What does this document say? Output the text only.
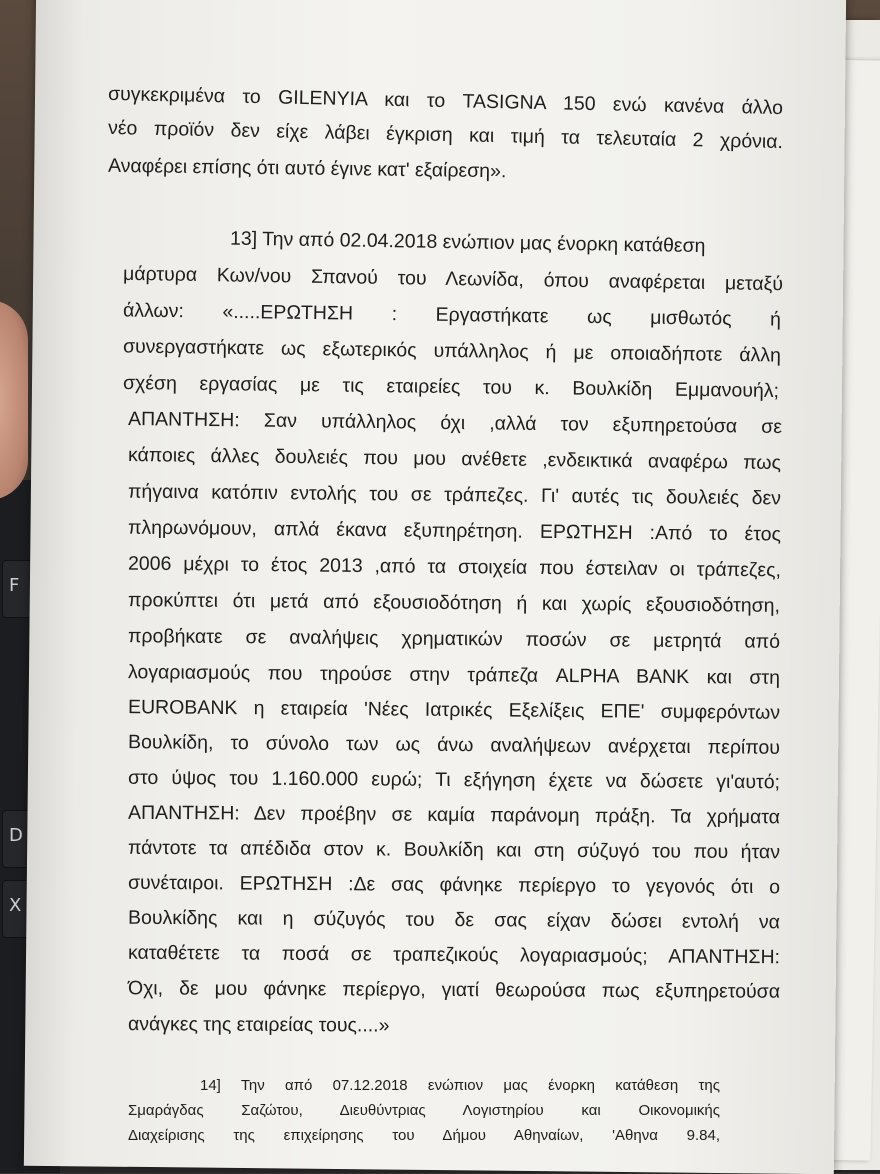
F
D
X
συγκεκριμένα το GILENYIA και το TASIGNA 150 ενώ κανένα άλλο
νέο προϊόν δεν είχε λάβει έγκριση και τιμή τα τελευταία 2 χρόνια.
Αναφέρει επίσης ότι αυτό έγινε κατ' εξαίρεση».
13] Την από 02.04.2018 ενώπιον μας ένορκη κατάθεση
μάρτυρα Κων/νου Σπανού του Λεωνίδα, όπου αναφέρεται μεταξύ
άλλων: «.....ΕΡΩΤΗΣΗ : Εργαστήκατε ως μισθωτός ή
συνεργαστήκατε ως εξωτερικός υπάλληλος ή με οποιαδήποτε άλλη
σχέση εργασίας με τις εταιρείες του κ. Βουλκίδη Εμμανουήλ;
ΑΠΑΝΤΗΣΗ: Σαν υπάλληλος όχι ,αλλά τον εξυπηρετούσα σε
κάποιες άλλες δουλειές που μου ανέθετε ,ενδεικτικά αναφέρω πως
πήγαινα κατόπιν εντολής του σε τράπεζες. Γι' αυτές τις δουλειές δεν
πληρωνόμουν, απλά έκανα εξυπηρέτηση. ΕΡΩΤΗΣΗ :Από το έτος
2006 μέχρι το έτος 2013 ,από τα στοιχεία που έστειλαν οι τράπεζες,
προκύπτει ότι μετά από εξουσιοδότηση ή και χωρίς εξουσιοδότηση,
προβήκατε σε αναλήψεις χρηματικών ποσών σε μετρητά από
λογαριασμούς που τηρούσε στην τράπεζα ALPHA BANK και στη
EUROBANK η εταιρεία 'Νέες Ιατρικές Εξελίξεις ΕΠΕ' συμφερόντων
Βουλκίδη, το σύνολο των ως άνω αναλήψεων ανέρχεται περίπου
στο ύψος του 1.160.000 ευρώ; Τι εξήγηση έχετε να δώσετε γι'αυτό;
ΑΠΑΝΤΗΣΗ: Δεν προέβην σε καμία παράνομη πράξη. Τα χρήματα
πάντοτε τα απέδιδα στον κ. Βουλκίδη και στη σύζυγό του που ήταν
συνέταιροι. ΕΡΩΤΗΣΗ :Δε σας φάνηκε περίεργο το γεγονός ότι ο
Βουλκίδης και η σύζυγός του δε σας είχαν δώσει εντολή να
καταθέτετε τα ποσά σε τραπεζικούς λογαριασμούς; ΑΠΑΝΤΗΣΗ:
Όχι, δε μου φάνηκε περίεργο, γιατί θεωρούσα πως εξυπηρετούσα
ανάγκες της εταιρείας τους....»
14] Την από 07.12.2018 ενώπιον μας ένορκη κατάθεση της
Σμαράγδας Σαζώτου, Διευθύντριας Λογιστηρίου και Οικονομικής
Διαχείρισης της επιχείρησης του Δήμου Αθηναίων, 'Αθηνα 9.84,
